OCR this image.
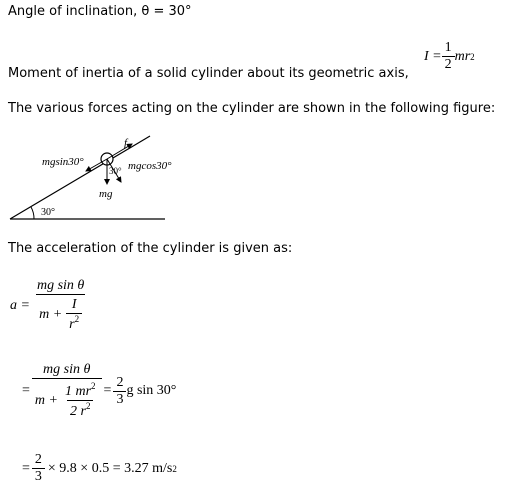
Angle of inclination, θ = 30°
$I = \frac{1}{2}$ mr 2
Moment of inertia of a solid cylinder about its geometric axis,
The various forces acting on the cylinder are shown in the following figure:
f
mgsin30°	mgcos30°
mg
30°
30°
The acceleration of the cylinder is given as:
$a = \frac{\text{mg sin θ}}{m + \frac{I}{r^2}}$
= $\frac{\text{mg sin θ}}{m + \frac{1 mr^2}{2 r^2}} = \frac{2}{3}$ g sin 30°
= $\frac{2}{3} \times 9.8 \times 0.5 = 3.27$ m/s 2
